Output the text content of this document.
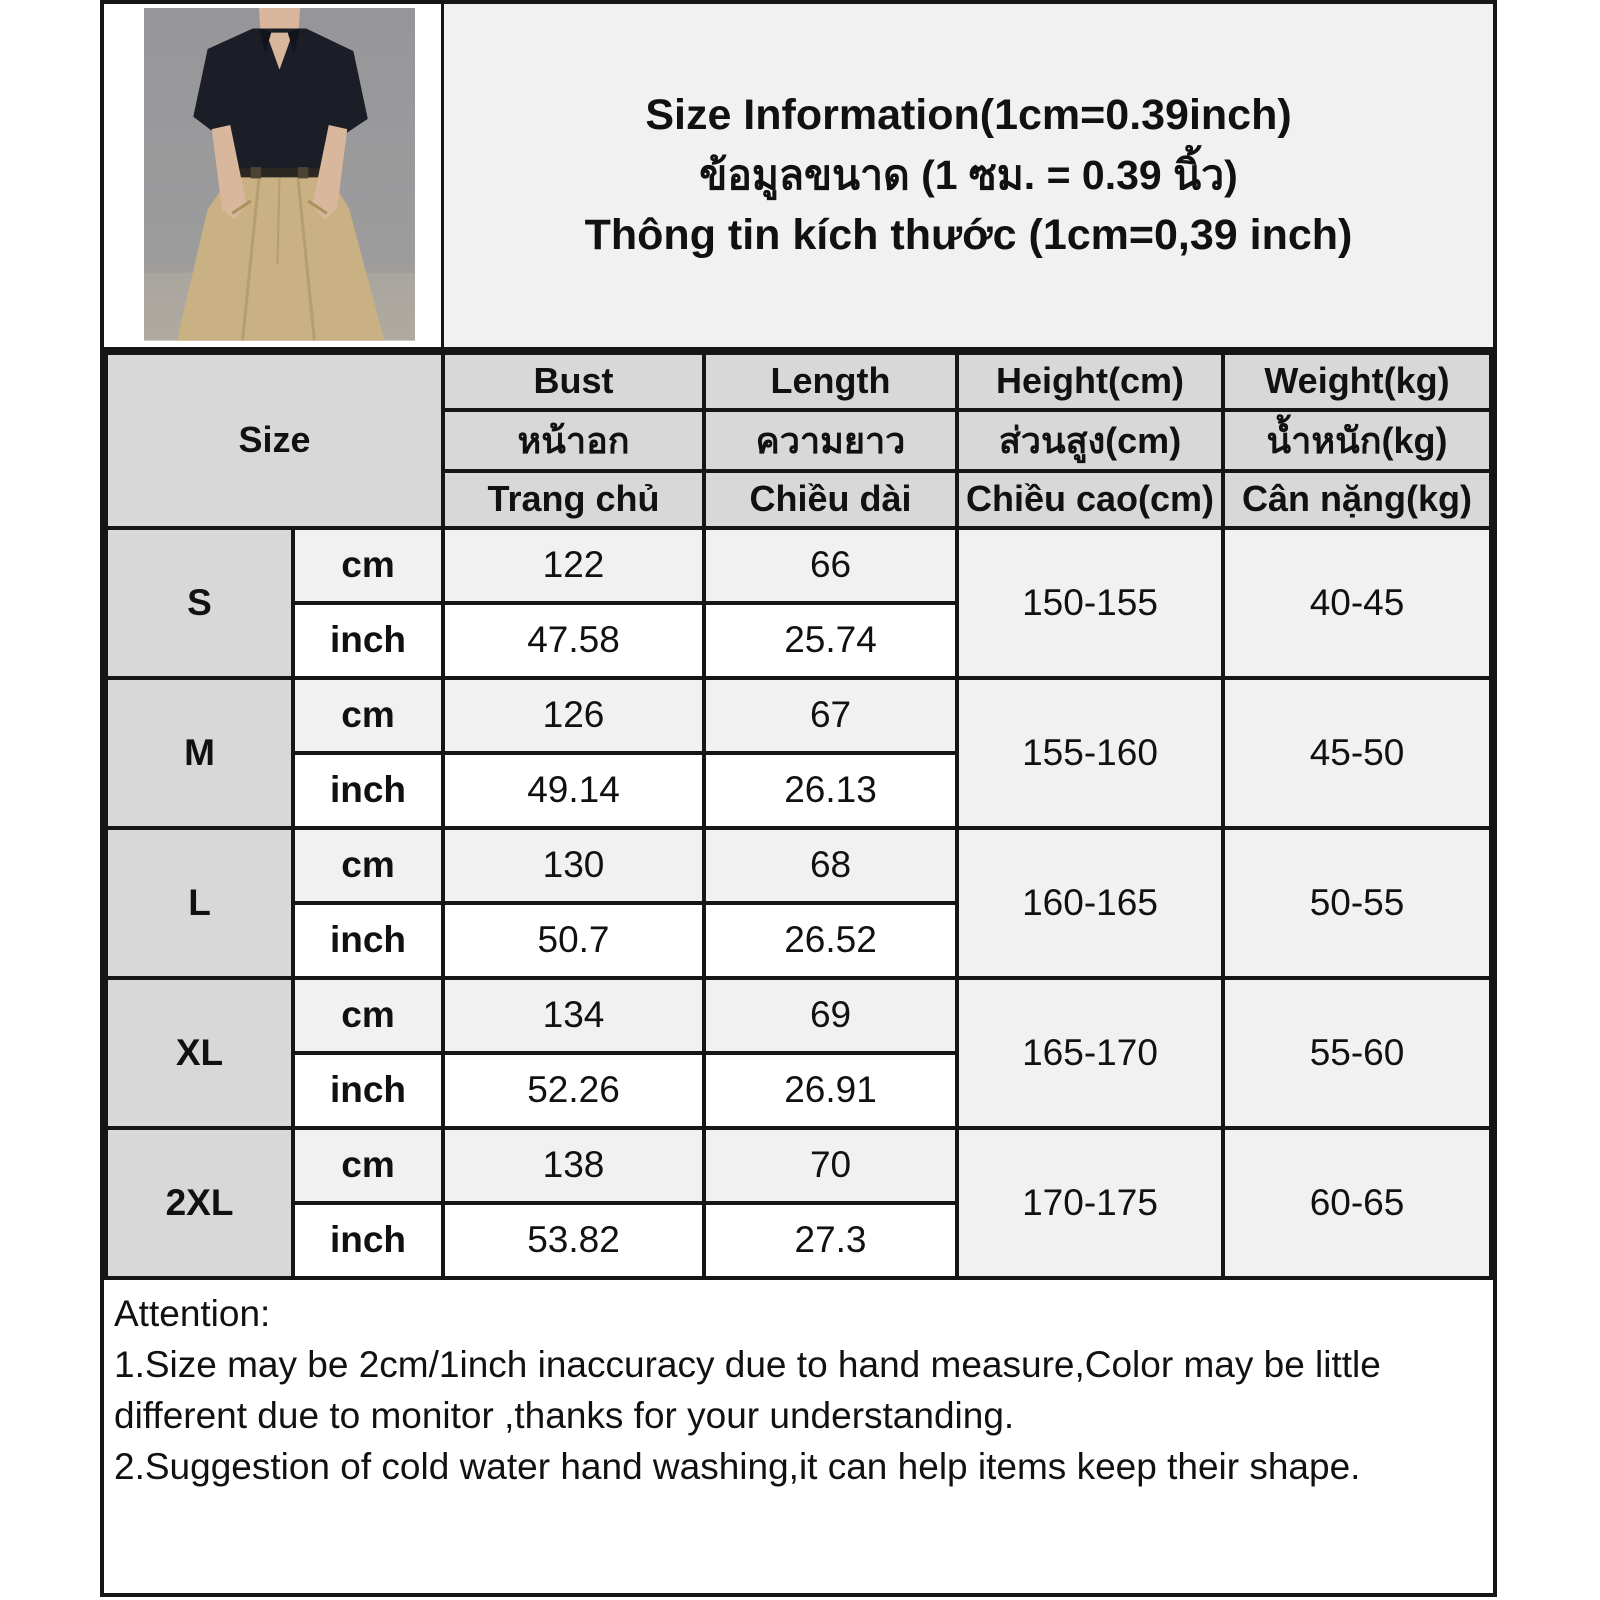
Size Information(1cm=0.39inch)
ข้อมูลขนาด (1 ซม. = 0.39 นิ้ว)
Thông tin kích thước (1cm=0,39 inch)
Size		Bust	Length	Height(cm)	Weight(kg)
		หน้าอก	ความยาว	ส่วนสูง(cm)	น้ำหนัก(kg)
		Trang chủ	Chiều dài	Chiều cao(cm)	Cân nặng(kg)
S	cm	122	66	150-155	40-45
	inch	47.58	25.74		
M	cm	126	67	155-160	45-50
	inch	49.14	26.13		
L	cm	130	68	160-165	50-55
	inch	50.7	26.52		
XL	cm	134	69	165-170	55-60
	inch	52.26	26.91		
2XL	cm	138	70	170-175	60-65
	inch	53.82	27.3		

Attention:

1.Size may be 2cm/1inch inaccuracy due to hand measure,Color may be little different due to monitor ,thanks for your understanding.

2.Suggestion of cold water hand washing,it can help items keep their shape.
